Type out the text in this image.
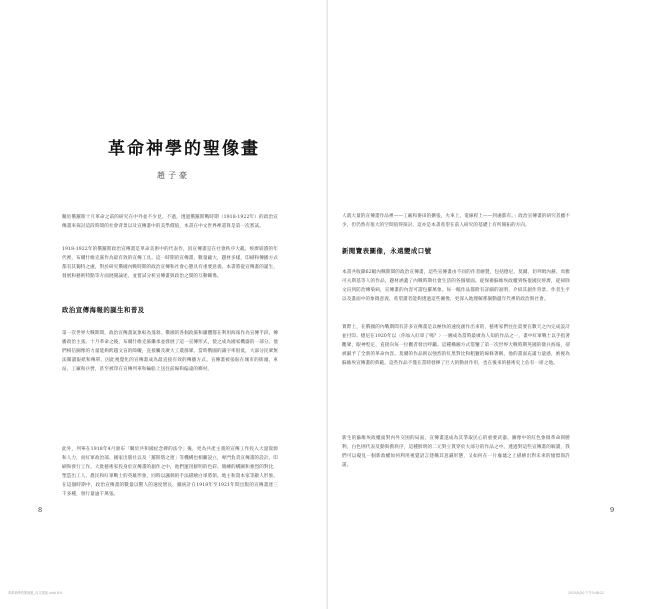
革命神學的聖像畫
趙子豪
關於俄羅斯十月革命之前的研究在中外並不少見。不過，透過俄羅斯戰時期（1918-1922年）的政治宣傳畫來探討這段時間的社會背景以及宣傳畫中的美學價值，本書在中文世界裡還算是第一次嘗試。
1918-1922年的俄羅斯政治宣傳畫是革命美術中的代表作，因宣傳畫是在社會秩序大亂、經濟崩潰的年代裡，布爾什維克黨作為最有效的宣傳工具。這一時期的宣傳畫，數量龐大，題材多樣，印刷和傳播方式都有其獨特之處，對於研究俄國內戰時期的政治宣傳和社會心態具有重要意義。本書將從宣傳畫的誕生、發展和藝術特點等方面展開論述，並嘗試分析宣傳畫與政治之間的互動關係。
政治宣傳海報的誕生和普及
第一次世界大戰期間，政治宣傳畫氣象較為蓬勃。俄國的各個政黨和團體都在利用海報作為宣傳手段，傳播政治主張。十月革命之後，布爾什維克黨繼承並發展了這一宣傳形式，使之成為國家機器的一部分。他們相信圖像的力量能夠跨越文盲的障礙，直接觸及廣大工農群眾。當時俄國的識字率很低，大部分民眾無法閱讀報紙和傳單，因此視覺化的宣傳畫成為最直接有效的傳播方式。宣傳畫被張貼在城市的街頭、車站、工廠和兵營，甚至被印在宣傳列車和輪船上送往前線和偏遠的鄉村。
此外，列寧在1918年4月頒布「關於共和國紀念碑的法令」後，更為共產主義的宣傳工作投入大量資源和人力，而紅軍政治部、國家出版社以及「羅斯塔之窗」等機構也相繼設立，專門負責宣傳畫的設計、印刷和發行工作。大批藝術家投身於宣傳畫的創作之中，他們運用鮮明的色彩、簡練的構圖和強烈的對比，塑造出工人、農民和紅軍戰士的英雄形象，同時以諷刺的手法描繪白軍將領、地主和資本家等敵人形象。在這個時期中，政治宣傳畫的數量以驚人的速度增長，據統計在1918年至1921年間出版的宣傳畫達三千多種，發行量逾千萬張。
8
人就大量的宣傳畫作品裡——工廠和麥田的擴張，火車上、電線桿上——到處都有。」政治宣傳畫的研究者雖不少，但仍然有很大的空間值得探討，這亦是本書希望在前人研究的基礎上有所開拓的方向。
新閱覽表圖像，永遠變成口號
本書共收錄62幅內戰期間的政治宣傳畫，這些宣傳畫由不同的作者繪製，包括德尼、莫爾、切列姆內赫、馬雅可夫斯基等人的作品，題材涵蓋了內戰時期社會生活的各個層面。從保衛蘇維埃政權到恢復國民經濟，從掃除文盲到防治傳染病，宣傳畫的內容可謂包羅萬象。每一幅作品都附有詳細的說明，介紹其創作背景、作者生平以及畫面中的象徵意義，希望讀者能夠透過這些圖像，更深入地理解那個動盪年代裡的政治與社會。
實際上，在俄國的內戰期間有許多宣傳畫是以極快的速度創作出來的，藝術家們往往需要在數天之內完成設計並付印。德尼在1920年以〈你加入紅軍了嗎？〉一圖成為當時最廣為人知的作品之一，畫中紅軍戰士以手指著觀眾，眼神堅定，直接向每一位觀者發出呼籲。這種構圖方式借鑒了第一次世界大戰時期英國的徵兵海報，卻被賦予了全新的革命內容。莫爾的作品則以強烈的紅黑對比和粗獷的線條著稱，他的畫面充滿力量感，被視為蘇維埃宣傳畫的典範。這些作品不僅在當時發揮了巨大的動員作用，也在後來的藝術史上佔有一席之地。
新生的蘇維埃政權面對內外交困的局面，宣傳畫遂成為其爭取民心的重要武器。圖像中的紅色象徵革命與勝利，白色則代表反動與舊秩序，這種鮮明的二元對立貫穿於大部分的作品之中。透過對這些宣傳畫的解讀，我們可以窺見一個新政權如何利用視覺語言建構其意識形態，又如何在一片廢墟之上描繪出對未來的憧憬與許諾。
9
革命神學的聖像畫_內文排版.indd 8-9	2015/5/20 下午3:48:22
